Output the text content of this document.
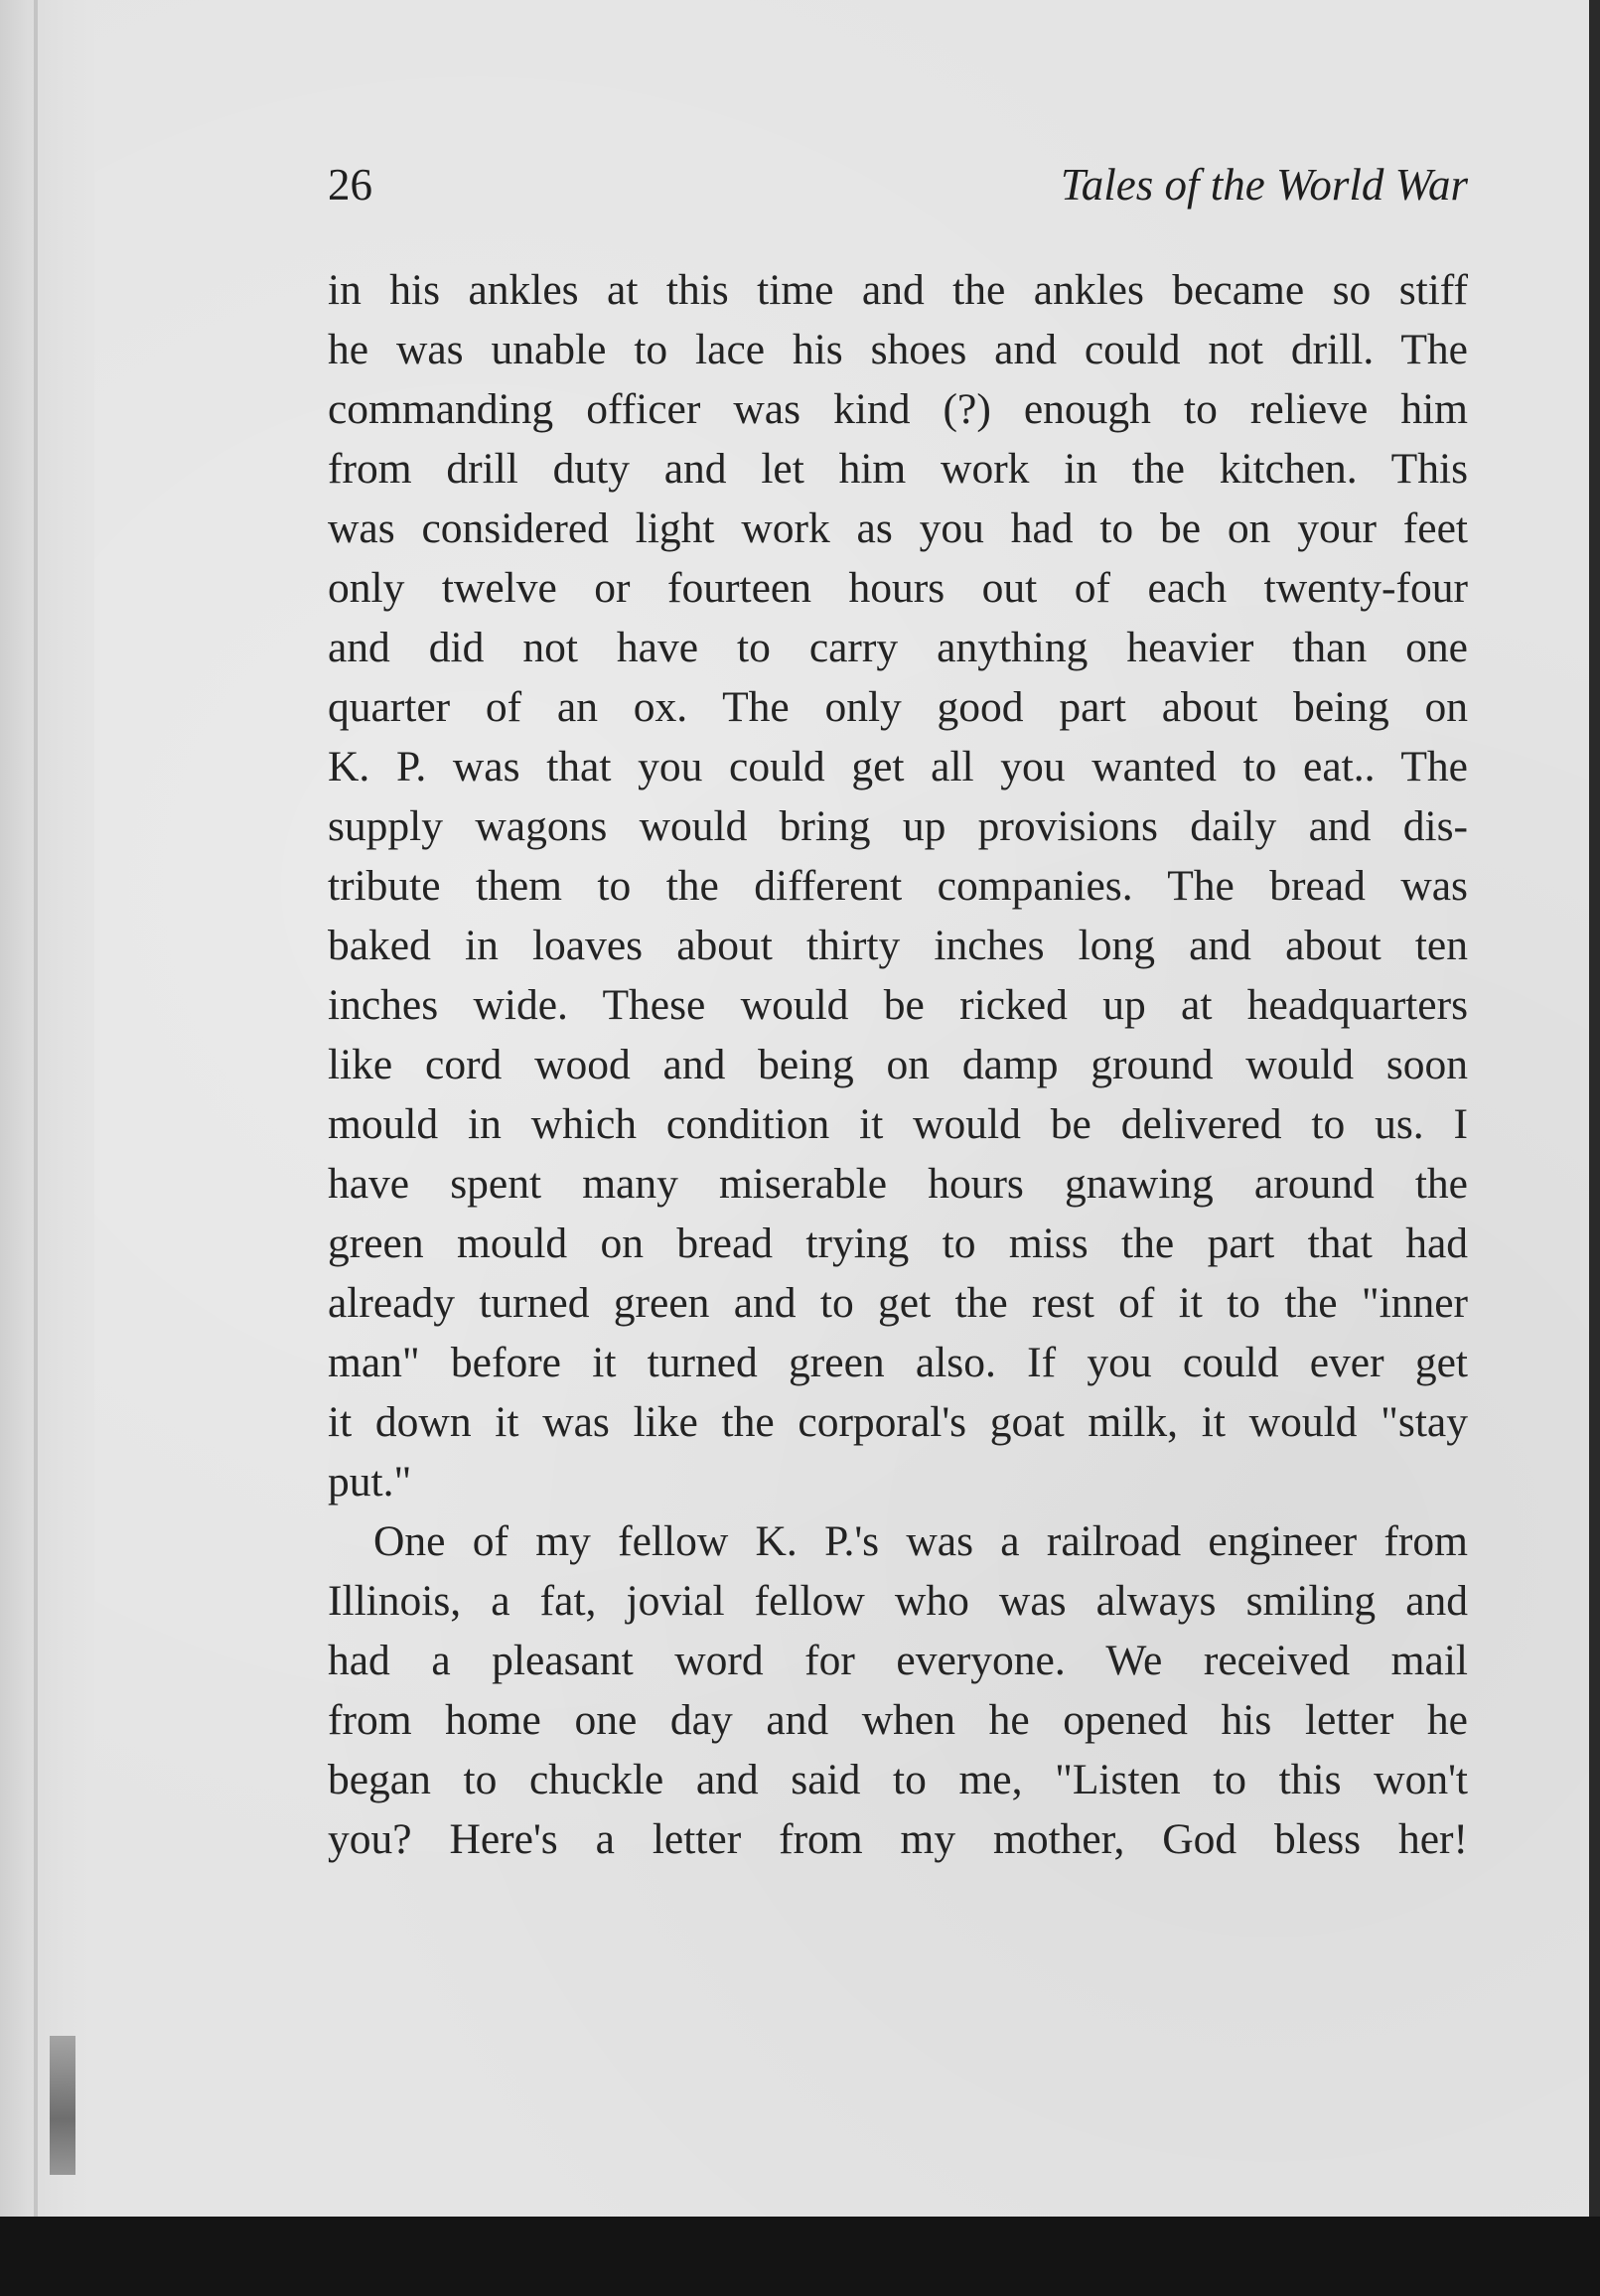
26	Tales of the World War
in his ankles at this time and the ankles became so stiff
he was unable to lace his shoes and could not drill. The
commanding officer was kind (?) enough to relieve him
from drill duty and let him work in the kitchen. This
was considered light work as you had to be on your feet
only twelve or fourteen hours out of each twenty-four
and did not have to carry anything heavier than one
quarter of an ox. The only good part about being on
K. P. was that you could get all you wanted to eat.. The
supply wagons would bring up provisions daily and dis-
tribute them to the different companies. The bread was
baked in loaves about thirty inches long and about ten
inches wide. These would be ricked up at headquarters
like cord wood and being on damp ground would soon
mould in which condition it would be delivered to us. I
have spent many miserable hours gnawing around the
green mould on bread trying to miss the part that had
already turned green and to get the rest of it to the "inner
man" before it turned green also. If you could ever get
it down it was like the corporal's goat milk, it would "stay
put."
One of my fellow K. P.'s was a railroad engineer from
Illinois, a fat, jovial fellow who was always smiling and
had a pleasant word for everyone. We received mail
from home one day and when he opened his letter he
began to chuckle and said to me, "Listen to this won't
you? Here's a letter from my mother, God bless her!
